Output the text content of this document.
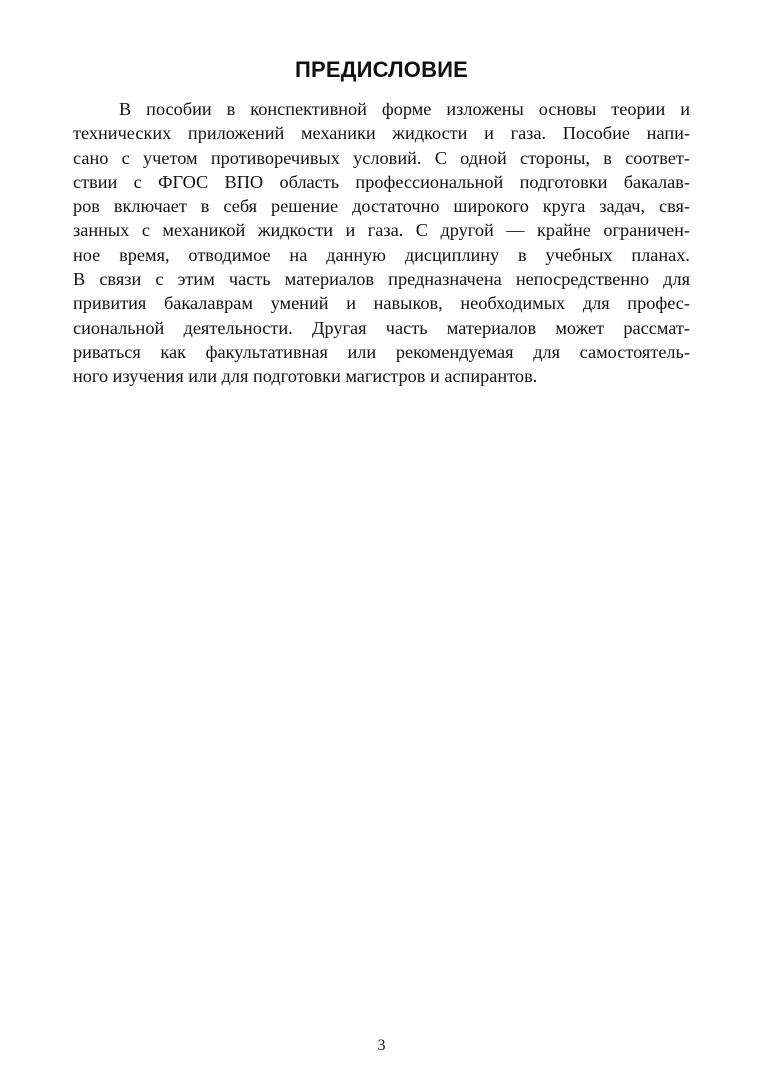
ПРЕДИСЛОВИЕ
В пособии в конспективной форме изложены основы теории и
технических приложений механики жидкости и газа. Пособие напи-
сано с учетом противоречивых условий. С одной стороны, в соответ-
ствии с ФГОС ВПО область профессиональной подготовки бакалав-
ров включает в себя решение достаточно широкого круга задач, свя-
занных с механикой жидкости и газа. С другой — крайне ограничен-
ное время, отводимое на данную дисциплину в учебных планах.
В связи с этим часть материалов предназначена непосредственно для
привития бакалаврам умений и навыков, необходимых для профес-
сиональной деятельности. Другая часть материалов может рассмат-
риваться как факультативная или рекомендуемая для самостоятель-
ного изучения или для подготовки магистров и аспирантов.
3
